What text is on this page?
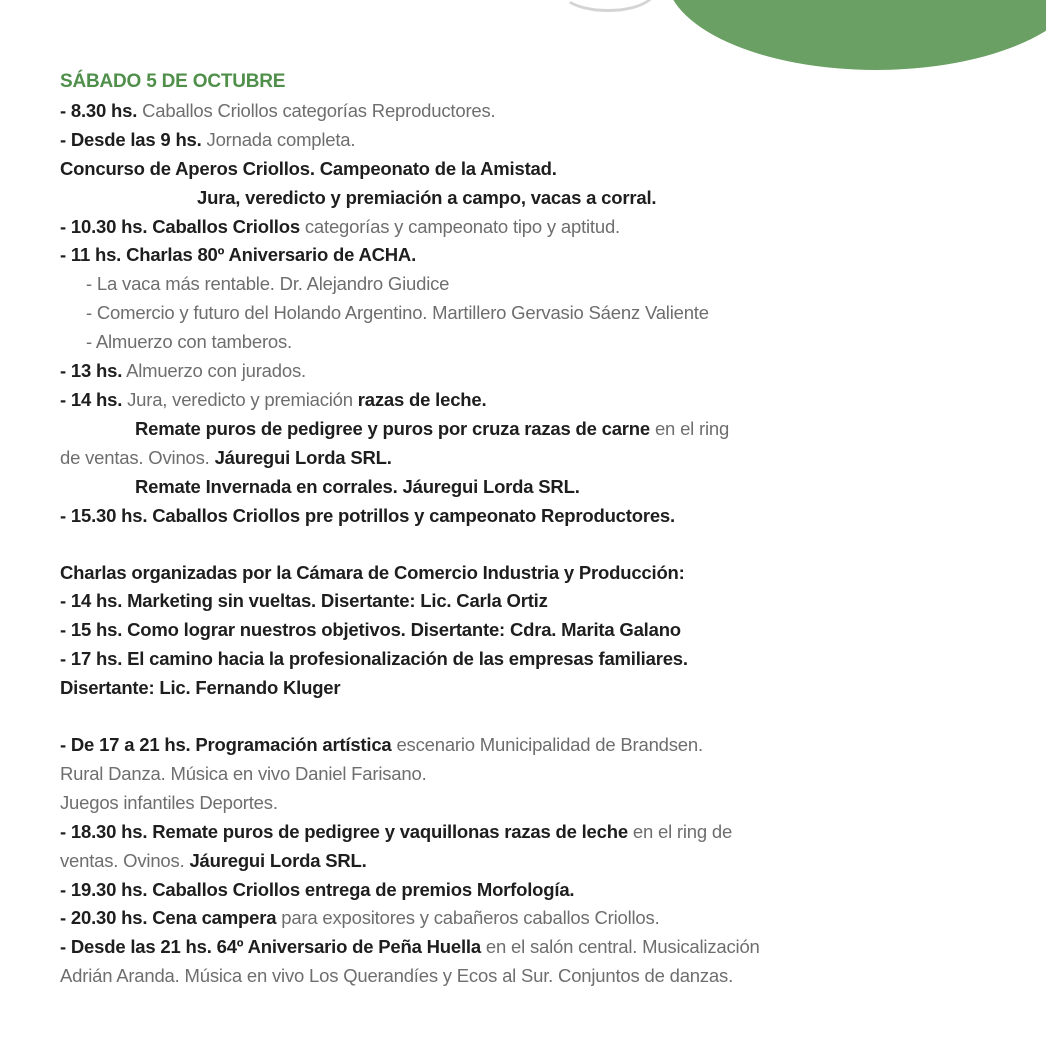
SÁBADO 5 DE OCTUBRE
- 8.30 hs. Caballos Criollos categorías Reproductores.
- Desde las 9 hs. Jornada completa.
Concurso de Aperos Criollos. Campeonato de la Amistad.
Jura, veredicto y premiación a campo, vacas a corral.
- 10.30 hs. Caballos Criollos categorías y campeonato tipo y aptitud.
- 11 hs. Charlas 80º Aniversario de ACHA.
- La vaca más rentable. Dr. Alejandro Giudice
- Comercio y futuro del Holando Argentino. Martillero Gervasio Sáenz Valiente
- Almuerzo con tamberos.
- 13 hs. Almuerzo con jurados.
- 14 hs. Jura, veredicto y premiación razas de leche.
Remate puros de pedigree y puros por cruza razas de carne en el ring
de ventas. Ovinos. Jáuregui Lorda SRL.
Remate Invernada en corrales. Jáuregui Lorda SRL.
- 15.30 hs. Caballos Criollos pre potrillos y campeonato Reproductores.
Charlas organizadas por la Cámara de Comercio Industria y Producción:
- 14 hs. Marketing sin vueltas. Disertante: Lic. Carla Ortiz
- 15 hs. Como lograr nuestros objetivos. Disertante: Cdra. Marita Galano
- 17 hs. El camino hacia la profesionalización de las empresas familiares.
Disertante: Lic. Fernando Kluger
- De 17 a 21 hs. Programación artística escenario Municipalidad de Brandsen.
Rural Danza. Música en vivo Daniel Farisano.
Juegos infantiles Deportes.
- 18.30 hs. Remate puros de pedigree y vaquillonas razas de leche en el ring de
ventas. Ovinos. Jáuregui Lorda SRL.
- 19.30 hs. Caballos Criollos entrega de premios Morfología.
- 20.30 hs. Cena campera para expositores y cabañeros caballos Criollos.
- Desde las 21 hs. 64º Aniversario de Peña Huella en el salón central. Musicalización
Adrián Aranda. Música en vivo Los Querandíes y Ecos al Sur. Conjuntos de danzas.
